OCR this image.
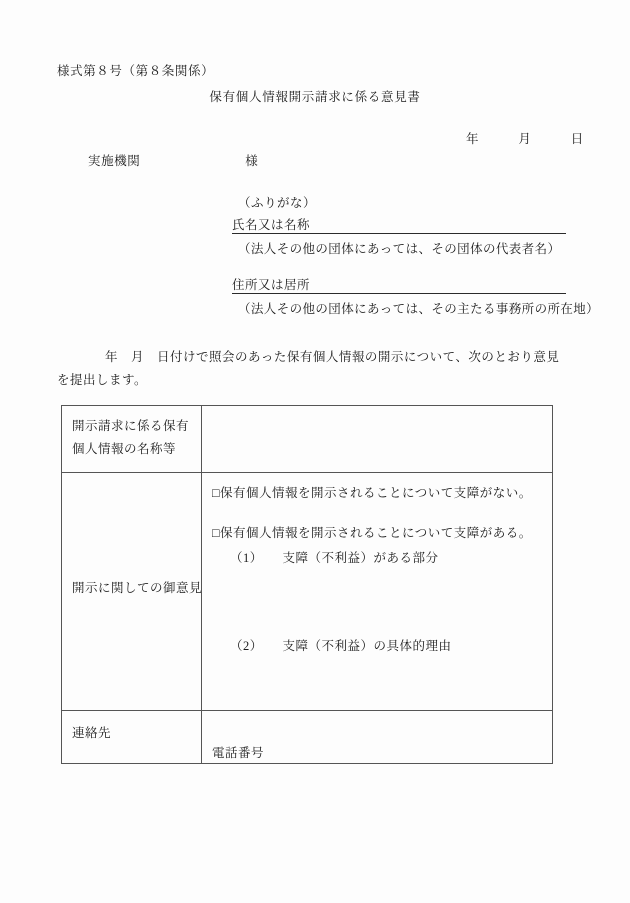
様式第８号（第８条関係）
保有個人情報開示請求に係る意見書
年　　　月　　　日
実施機関　　　　　　　　様
（ふりがな）
氏名又は名称
（法人その他の団体にあっては、その団体の代表者名）
住所又は居所
（法人その他の団体にあっては、その主たる事務所の所在地）
年　月　日付けで照会のあった保有個人情報の開示について、次のとおり意見を提出します。
開示請求に係る保有個人情報の名称等	

開示に関しての御意見	□保有個人情報を開示されることについて支障がない。
□保有個人情報を開示されることについて支障がある。
（1）　　支障（不利益）がある部分
（2）　　支障（不利益）の具体的理由

連絡先	電話番号
